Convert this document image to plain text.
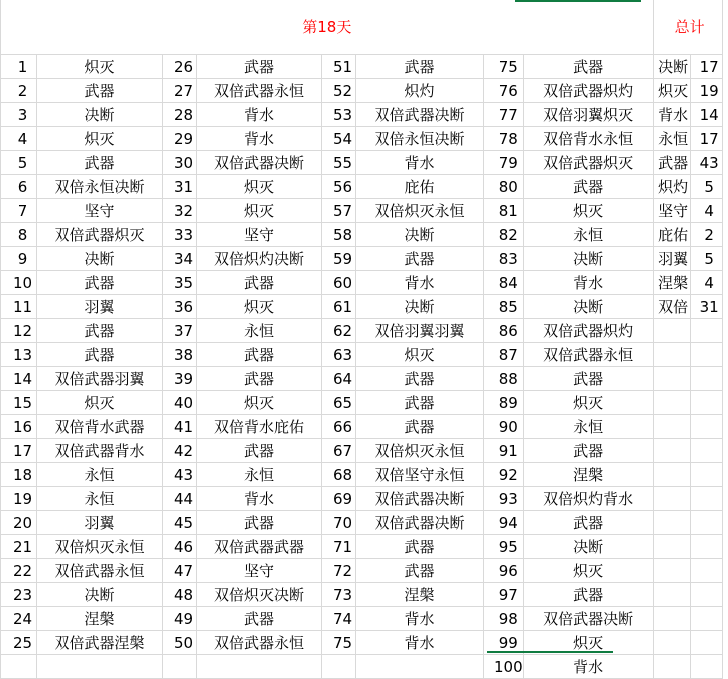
第18天								总计	
1	炽灭	26	武器	51	武器	75	武器	决断	17
2	武器	27	双倍武器永恒	52	炽灼	76	双倍武器炽灼	炽灭	19
3	决断	28	背水	53	双倍武器决断	77	双倍羽翼炽灭	背水	14
4	炽灭	29	背水	54	双倍永恒决断	78	双倍背水永恒	永恒	17
5	武器	30	双倍武器决断	55	背水	79	双倍武器炽灭	武器	43
6	双倍永恒决断	31	炽灭	56	庇佑	80	武器	炽灼	5
7	坚守	32	炽灭	57	双倍炽灭永恒	81	炽灭	坚守	4
8	双倍武器炽灭	33	坚守	58	决断	82	永恒	庇佑	2
9	决断	34	双倍炽灼决断	59	武器	83	决断	羽翼	5
10	武器	35	武器	60	背水	84	背水	涅槃	4
11	羽翼	36	炽灭	61	决断	85	决断	双倍	31
12	武器	37	永恒	62	双倍羽翼羽翼	86	双倍武器炽灼		
13	武器	38	武器	63	炽灭	87	双倍武器永恒		
14	双倍武器羽翼	39	武器	64	武器	88	武器		
15	炽灭	40	炽灭	65	武器	89	炽灭		
16	双倍背水武器	41	双倍背水庇佑	66	武器	90	永恒		
17	双倍武器背水	42	武器	67	双倍炽灭永恒	91	武器		
18	永恒	43	永恒	68	双倍坚守永恒	92	涅槃		
19	永恒	44	背水	69	双倍武器决断	93	双倍炽灼背水		
20	羽翼	45	武器	70	双倍武器决断	94	武器		
21	双倍炽灭永恒	46	双倍武器武器	71	武器	95	决断		
22	双倍武器永恒	47	坚守	72	武器	96	炽灭		
23	决断	48	双倍炽灭决断	73	涅槃	97	武器		
24	涅槃	49	武器	74	背水	98	双倍武器决断		
25	双倍武器涅槃	50	双倍武器永恒	75	背水	99	炽灭		
						100	背水		
